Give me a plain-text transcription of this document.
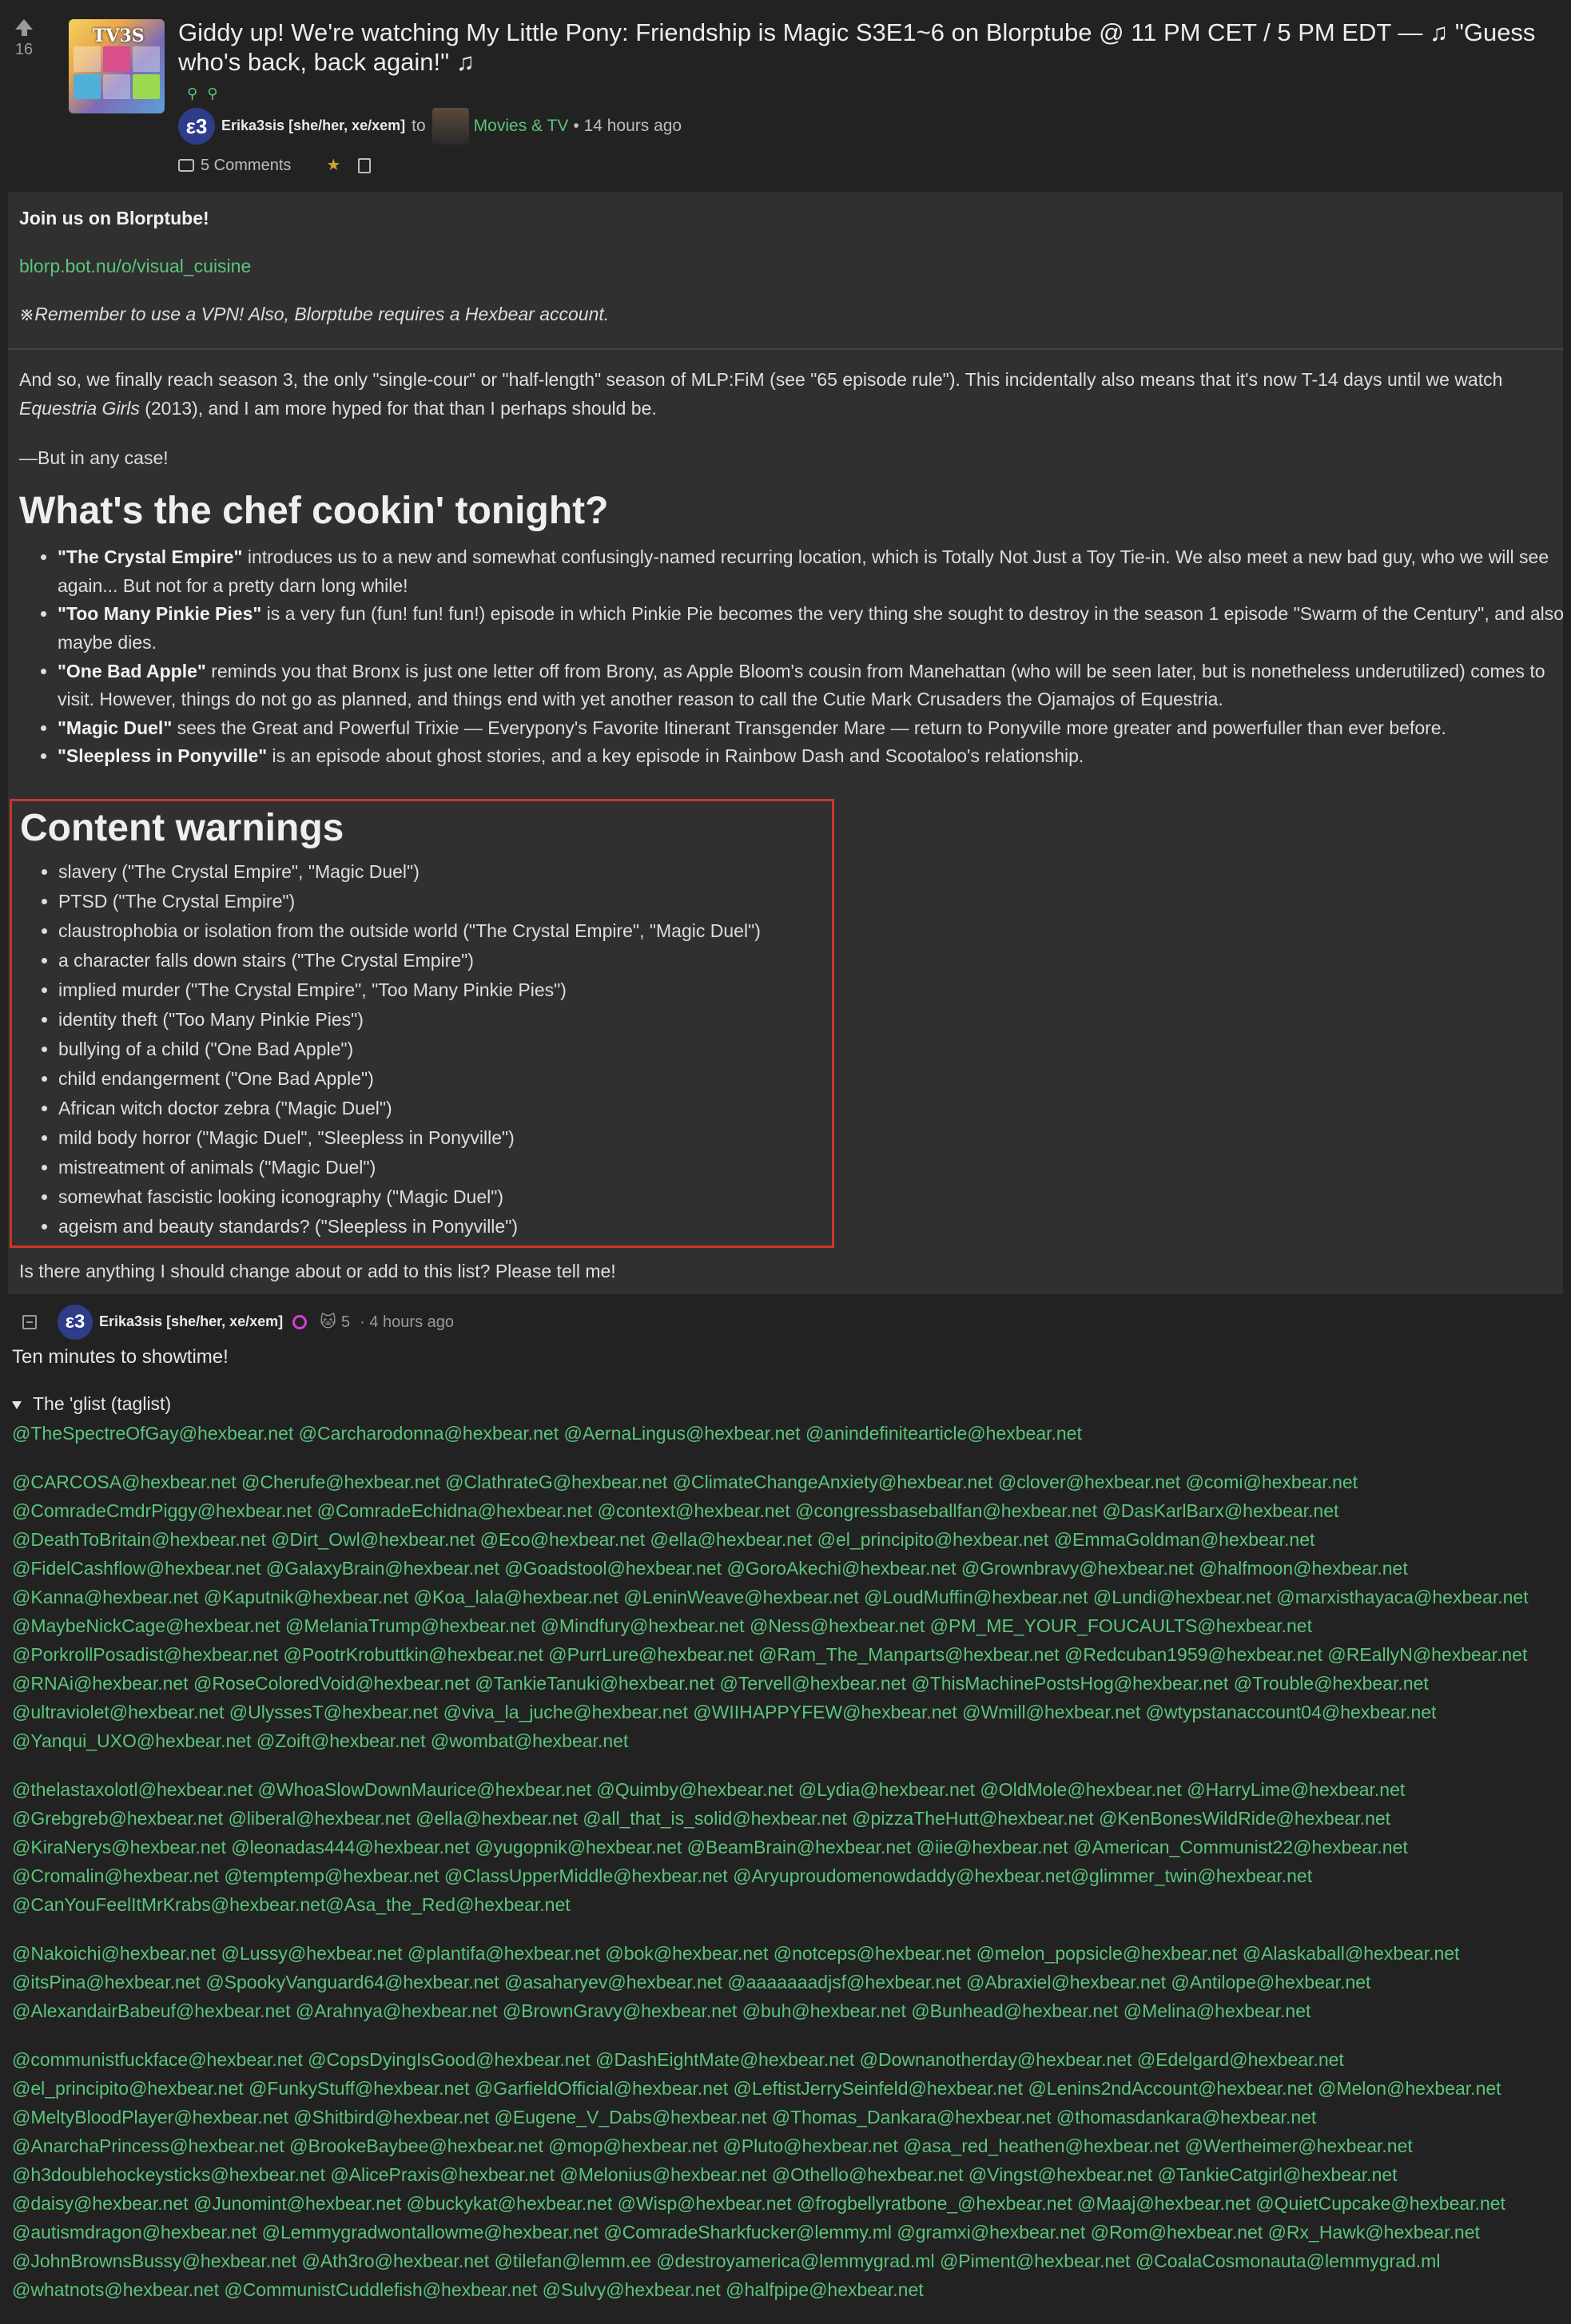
16
TV3S Giddy up! We're watching My Little Pony: Friendship is Magic S3E1~6 on Blorptube @ 11 PM CET / 5 PM EDT — ♫ "Guess who's back, back again!" ♫
⚲ ⚲
ε3 Erika3sis [she/her, xe/xem] to	Movies & TV • 14 hours ago
5 Comments	★

Join us on Blorptube!

blorp.bot.nu/o/visual_cuisine

※Remember to use a VPN! Also, Blorptube requires a Hexbear account.

And so, we finally reach season 3, the only "single-cour" or "half-length" season of MLP:FiM (see "65 episode rule"). This incidentally also means that it's now T-14 days until we watch Equestria Girls (2013), and I am more hyped for that than I perhaps should be.

—But in any case!

What's the chef cookin' tonight?
• "The Crystal Empire" introduces us to a new and somewhat confusingly-named recurring location, which is Totally Not Just a Toy Tie-in. We also meet a new bad guy, who we will see again... But not for a pretty darn long while!
• "Too Many Pinkie Pies" is a very fun (fun! fun! fun!) episode in which Pinkie Pie becomes the very thing she sought to destroy in the season 1 episode "Swarm of the Century", and also maybe dies.
• "One Bad Apple" reminds you that Bronx is just one letter off from Brony, as Apple Bloom's cousin from Manehattan (who will be seen later, but is nonetheless underutilized) comes to visit. However, things do not go as planned, and things end with yet another reason to call the Cutie Mark Crusaders the Ojamajos of Equestria.
• "Magic Duel" sees the Great and Powerful Trixie — Everypony's Favorite Itinerant Transgender Mare — return to Ponyville more greater and powerfuller than ever before.
• "Sleepless in Ponyville" is an episode about ghost stories, and a key episode in Rainbow Dash and Scootaloo's relationship.
Content warnings
• slavery ("The Crystal Empire", "Magic Duel")
• PTSD ("The Crystal Empire")
• claustrophobia or isolation from the outside world ("The Crystal Empire", "Magic Duel")
• a character falls down stairs ("The Crystal Empire")
• implied murder ("The Crystal Empire", "Too Many Pinkie Pies")
• identity theft ("Too Many Pinkie Pies")
• bullying of a child ("One Bad Apple")
• child endangerment ("One Bad Apple")
• African witch doctor zebra ("Magic Duel")
• mild body horror ("Magic Duel", "Sleepless in Ponyville")
• mistreatment of animals ("Magic Duel")
• somewhat fascistic looking iconography ("Magic Duel")
• ageism and beauty standards? ("Sleepless in Ponyville")

Is there anything I should change about or add to this list? Please tell me!

ε3 Erika3sis [she/her, xe/xem] 🐱 5 · 4 hours ago
Ten minutes to showtime!
The 'glist (taglist)

@TheSpectreOfGay@hexbear.net @Carcharodonna@hexbear.net @AernaLingus@hexbear.net @anindefinitearticle@hexbear.net

@CARCOSA@hexbear.net @Cherufe@hexbear.net @ClathrateG@hexbear.net @ClimateChangeAnxiety@hexbear.net @clover@hexbear.net @comi@hexbear.net @ComradeCmdrPiggy@hexbear.net @ComradeEchidna@hexbear.net @context@hexbear.net @congressbaseballfan@hexbear.net @DasKarlBarx@hexbear.net @DeathToBritain@hexbear.net @Dirt_Owl@hexbear.net @Eco@hexbear.net @ella@hexbear.net @el_principito@hexbear.net @EmmaGoldman@hexbear.net @FidelCashflow@hexbear.net @GalaxyBrain@hexbear.net @Goadstool@hexbear.net @GoroAkechi@hexbear.net @Grownbravy@hexbear.net @halfmoon@hexbear.net @Kanna@hexbear.net @Kaputnik@hexbear.net @Koa_lala@hexbear.net @LeninWeave@hexbear.net @LoudMuffin@hexbear.net @Lundi@hexbear.net @marxisthayaca@hexbear.net @MaybeNickCage@hexbear.net @MelaniaTrump@hexbear.net @Mindfury@hexbear.net @Ness@hexbear.net @PM_ME_YOUR_FOUCAULTS@hexbear.net @PorkrollPosadist@hexbear.net @PootrKrobuttkin@hexbear.net @PurrLure@hexbear.net @Ram_The_Manparts@hexbear.net @Redcuban1959@hexbear.net @REallyN@hexbear.net @RNAi@hexbear.net @RoseColoredVoid@hexbear.net @TankieTanuki@hexbear.net @Tervell@hexbear.net @ThisMachinePostsHog@hexbear.net @Trouble@hexbear.net @ultraviolet@hexbear.net @UlyssesT@hexbear.net @viva_la_juche@hexbear.net @WIIHAPPYFEW@hexbear.net @Wmill@hexbear.net @wtypstanaccount04@hexbear.net @Yanqui_UXO@hexbear.net @Zoift@hexbear.net @wombat@hexbear.net

@thelastaxolotl@hexbear.net @WhoaSlowDownMaurice@hexbear.net @Quimby@hexbear.net @Lydia@hexbear.net @OldMole@hexbear.net @HarryLime@hexbear.net @Grebgreb@hexbear.net @liberal@hexbear.net @ella@hexbear.net @all_that_is_solid@hexbear.net @pizzaTheHutt@hexbear.net @KenBonesWildRide@hexbear.net @KiraNerys@hexbear.net @leonadas444@hexbear.net @yugopnik@hexbear.net @BeamBrain@hexbear.net @iie@hexbear.net @American_Communist22@hexbear.net @Cromalin@hexbear.net @temptemp@hexbear.net @ClassUpperMiddle@hexbear.net @Aryuproudomenowdaddy@hexbear.net@glimmer_twin@hexbear.net @CanYouFeelItMrKrabs@hexbear.net@Asa_the_Red@hexbear.net

@Nakoichi@hexbear.net @Lussy@hexbear.net @plantifa@hexbear.net @bok@hexbear.net @notceps@hexbear.net @melon_popsicle@hexbear.net @Alaskaball@hexbear.net @itsPina@hexbear.net @SpookyVanguard64@hexbear.net @asaharyev@hexbear.net @aaaaaaadjsf@hexbear.net @Abraxiel@hexbear.net @Antilope@hexbear.net @AlexandairBabeuf@hexbear.net @Arahnya@hexbear.net @BrownGravy@hexbear.net @buh@hexbear.net @Bunhead@hexbear.net @Melina@hexbear.net

@communistfuckface@hexbear.net @CopsDyingIsGood@hexbear.net @DashEightMate@hexbear.net @Downanotherday@hexbear.net @Edelgard@hexbear.net @el_principito@hexbear.net @FunkyStuff@hexbear.net @GarfieldOfficial@hexbear.net @LeftistJerrySeinfeld@hexbear.net @Lenins2ndAccount@hexbear.net @Melon@hexbear.net @MeltyBloodPlayer@hexbear.net @Shitbird@hexbear.net @Eugene_V_Dabs@hexbear.net @Thomas_Dankara@hexbear.net @thomasdankara@hexbear.net @AnarchaPrincess@hexbear.net @BrookeBaybee@hexbear.net @mop@hexbear.net @Pluto@hexbear.net @asa_red_heathen@hexbear.net @Wertheimer@hexbear.net @h3doublehockeysticks@hexbear.net @AlicePraxis@hexbear.net @Melonius@hexbear.net @Othello@hexbear.net @Vingst@hexbear.net @TankieCatgirl@hexbear.net @daisy@hexbear.net @Junomint@hexbear.net @buckykat@hexbear.net @Wisp@hexbear.net @frogbellyratbone_@hexbear.net @Maaj@hexbear.net @QuietCupcake@hexbear.net @autismdragon@hexbear.net @Lemmygradwontallowme@hexbear.net @ComradeSharkfucker@lemmy.ml @gramxi@hexbear.net @Rom@hexbear.net @Rx_Hawk@hexbear.net @JohnBrownsBussy@hexbear.net @Ath3ro@hexbear.net @tilefan@lemm.ee @destroyamerica@lemmygrad.ml @Piment@hexbear.net @CoalaCosmonauta@lemmygrad.ml @whatnots@hexbear.net @CommunistCuddlefish@hexbear.net @Sulvy@hexbear.net @halfpipe@hexbear.net
